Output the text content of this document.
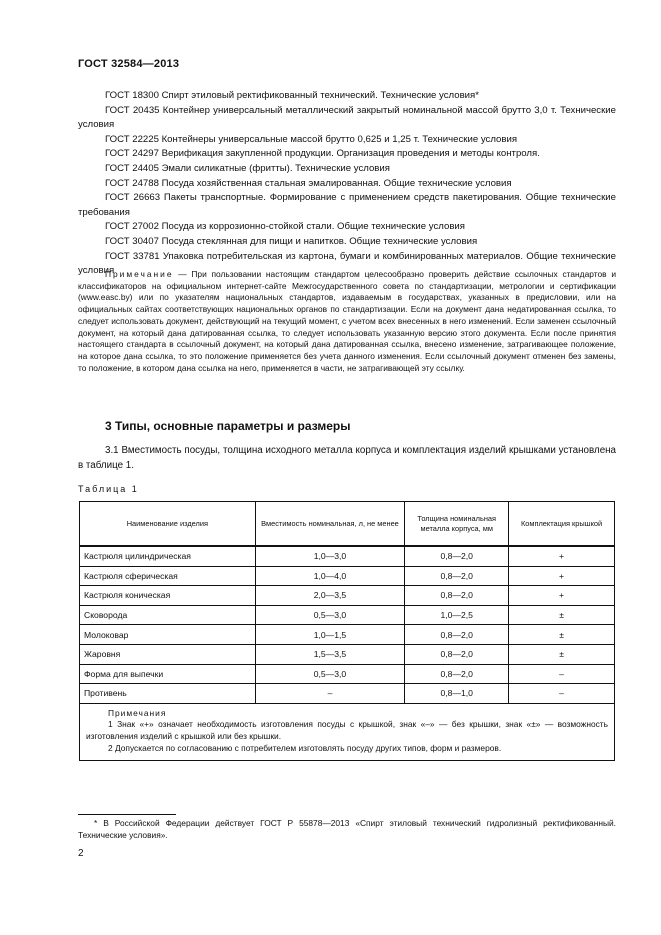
ГОСТ 32584—2013

ГОСТ 18300 Спирт этиловый ректификованный технический. Технические условия*

ГОСТ 20435 Контейнер универсальный металлический закрытый номинальной массой брутто 3,0 т. Технические условия

ГОСТ 22225 Контейнеры универсальные массой брутто 0,625 и 1,25 т. Технические условия

ГОСТ 24297 Верификация закупленной продукции. Организация проведения и методы контроля.

ГОСТ 24405 Эмали силикатные (фритты). Технические условия

ГОСТ 24788 Посуда хозяйственная стальная эмалированная. Общие технические условия

ГОСТ 26663 Пакеты транспортные. Формирование с применением средств пакетирования. Общие технические требования

ГОСТ 27002 Посуда из коррозионно-стойкой стали. Общие технические условия

ГОСТ 30407 Посуда стеклянная для пищи и напитков. Общие технические условия

ГОСТ 33781 Упаковка потребительская из картона, бумаги и комбинированных материалов. Общие технические условия

Примечание — При пользовании настоящим стандартом целесообразно проверить действие ссылочных стандартов и классификаторов на официальном интернет-сайте Межгосударственного совета по стандартизации, метрологии и сертификации (www.easc.by) или по указателям национальных стандартов, издаваемым в государствах, указанных в предисловии, или на официальных сайтах соответствующих национальных органов по стандартизации. Если на документ дана недатированная ссылка, то следует использовать документ, действующий на текущий момент, с учетом всех внесенных в него изменений. Если заменен ссылочный документ, на который дана датированная ссылка, то следует использовать указанную версию этого документа. Если после принятия настоящего стандарта в ссылочный документ, на который дана датированная ссылка, внесено изменение, затрагивающее положение, на которое дана ссылка, то это положение применяется без учета данного изменения. Если ссылочный документ отменен без замены, то положение, в котором дана ссылка на него, применяется в части, не затрагивающей эту ссылку.
3 Типы, основные параметры и размеры
3.1 Вместимость посуды, толщина исходного металла корпуса и комплектация изделий крышками установлена в таблице 1.
Таблица 1
Наименование изделия	Вместимость номинальная, л, не менее	Толщина номинальная металла корпуса, мм	Комплектация крышкой
Кастрюля цилиндрическая	1,0—3,0	0,8—2,0	+
Кастрюля сферическая	1,0—4,0	0,8—2,0	+
Кастрюля коническая	2,0—3,5	0,8—2,0	+
Сковорода	0,5—3,0	1,0—2,5	±
Молоковар	1,0—1,5	0,8—2,0	±
Жаровня	1,5—3,5	0,8—2,0	±
Форма для выпечки	0,5—3,0	0,8—2,0	–
Противень	–	0,8—1,0	–

Примечания
1 Знак «+» означает необходимость изготовления посуды с крышкой, знак «–» — без крышки, знак «±» — возможность изготовления изделий с крышкой или без крышки.
2 Допускается по согласованию с потребителем изготовлять посуду других типов, форм и размеров.			
* В Российской Федерации действует ГОСТ Р 55878—2013 «Спирт этиловый технический гидролизный ректификованный. Технические условия».
2
